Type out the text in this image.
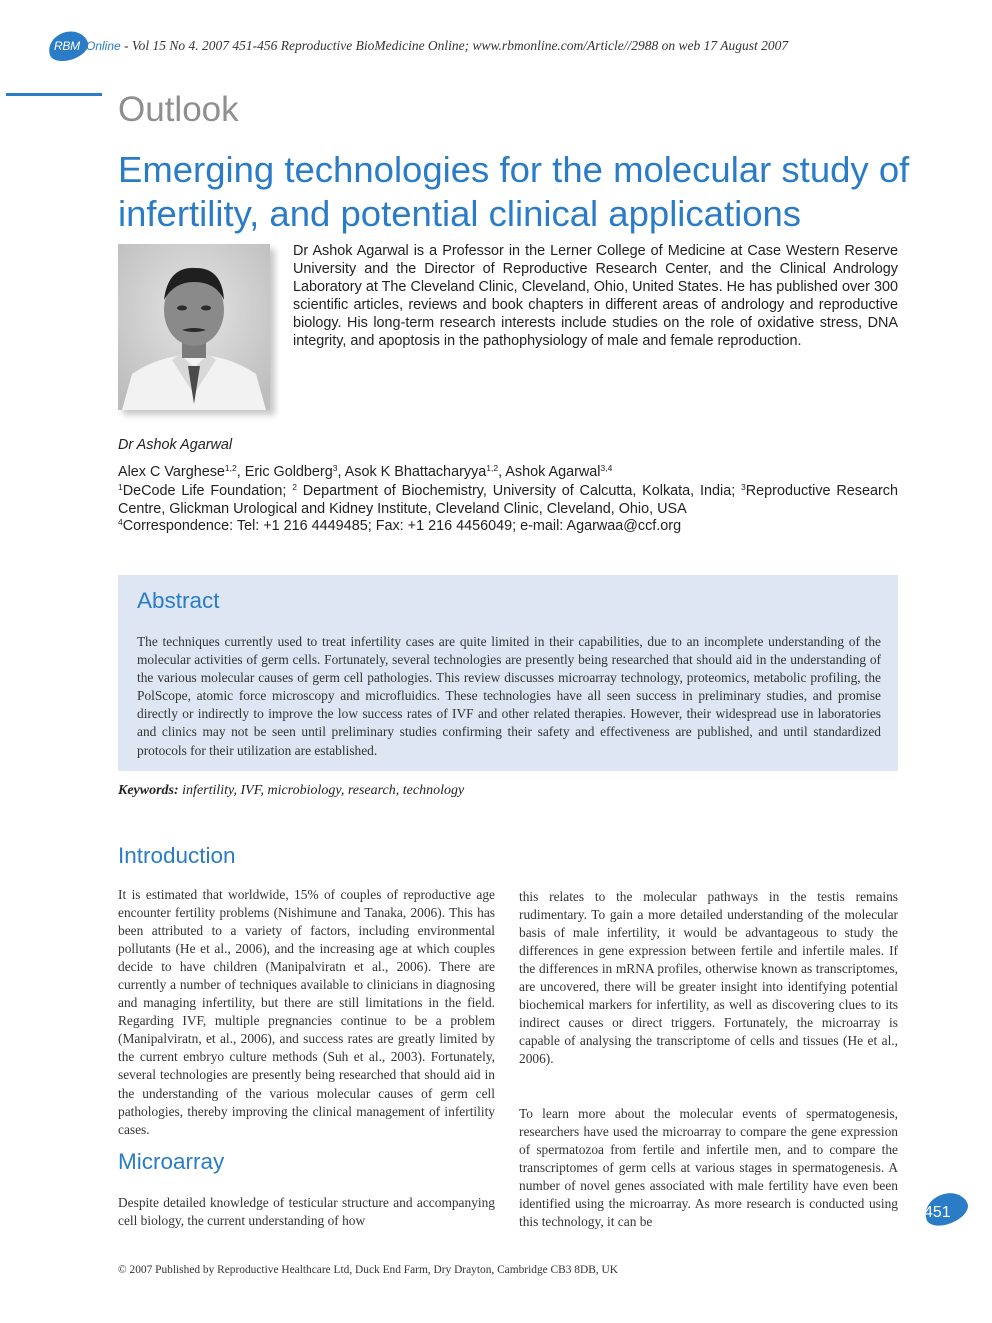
RBM Online - Vol 15 No 4. 2007 451-456 Reproductive BioMedicine Online; www.rbmonline.com/Article//2988 on web 17 August 2007
Outlook
Emerging technologies for the molecular study of infertility, and potential clinical applications
Dr Ashok Agarwal is a Professor in the Lerner College of Medicine at Case Western Reserve University and the Director of Reproductive Research Center, and the Clinical Andrology Laboratory at The Cleveland Clinic, Cleveland, Ohio, United States. He has published over 300 scientific articles, reviews and book chapters in different areas of andrology and reproductive biology. His long-term research interests include studies on the role of oxidative stress, DNA integrity, and apoptosis in the pathophysiology of male and female reproduction.
Dr Ashok Agarwal
Alex C Varghese$^{1,2}$, Eric Goldberg$^3$, Asok K Bhattacharyya$^{1,2}$, Ashok Agarwal$^{3,4}$
$^1$DeCode Life Foundation; $^2$ Department of Biochemistry, University of Calcutta, Kolkata, India; $^3$Reproductive Research Centre, Glickman Urological and Kidney Institute, Cleveland Clinic, Cleveland, Ohio, USA
$^4$Correspondence: Tel: +1 216 4449485; Fax: +1 216 4456049; e-mail: Agarwaa@ccf.org
Abstract
The techniques currently used to treat infertility cases are quite limited in their capabilities, due to an incomplete understanding of the molecular activities of germ cells. Fortunately, several technologies are presently being researched that should aid in the understanding of the various molecular causes of germ cell pathologies. This review discusses microarray technology, proteomics, metabolic profiling, the PolScope, atomic force microscopy and microfluidics. These technologies have all seen success in preliminary studies, and promise directly or indirectly to improve the low success rates of IVF and other related therapies. However, their widespread use in laboratories and clinics may not be seen until preliminary studies confirming their safety and effectiveness are published, and until standardized protocols for their utilization are established.
Keywords: infertility, IVF, microbiology, research, technology
Introduction
It is estimated that worldwide, 15% of couples of reproductive age encounter fertility problems (Nishimune and Tanaka, 2006). This has been attributed to a variety of factors, including environmental pollutants (He et al., 2006), and the increasing age at which couples decide to have children (Manipalviratn et al., 2006). There are currently a number of techniques available to clinicians in diagnosing and managing infertility, but there are still limitations in the field. Regarding IVF, multiple pregnancies continue to be a problem (Manipalviratn, et al., 2006), and success rates are greatly limited by the current embryo culture methods (Suh et al., 2003). Fortunately, several technologies are presently being researched that should aid in the understanding of the various molecular causes of germ cell pathologies, thereby improving the clinical management of infertility cases.
Microarray
Despite detailed knowledge of testicular structure and accompanying cell biology, the current understanding of how
this relates to the molecular pathways in the testis remains rudimentary. To gain a more detailed understanding of the molecular basis of male infertility, it would be advantageous to study the differences in gene expression between fertile and infertile males. If the differences in mRNA profiles, otherwise known as transcriptomes, are uncovered, there will be greater insight into identifying potential biochemical markers for infertility, as well as discovering clues to its indirect causes or direct triggers. Fortunately, the microarray is capable of analysing the transcriptome of cells and tissues (He et al., 2006).
To learn more about the molecular events of spermatogenesis, researchers have used the microarray to compare the gene expression of spermatozoa from fertile and infertile men, and to compare the transcriptomes of germ cells at various stages in spermatogenesis. A number of novel genes associated with male fertility have even been identified using the microarray. As more research is conducted using this technology, it can be
451
© 2007 Published by Reproductive Healthcare Ltd, Duck End Farm, Dry Drayton, Cambridge CB3 8DB, UK
